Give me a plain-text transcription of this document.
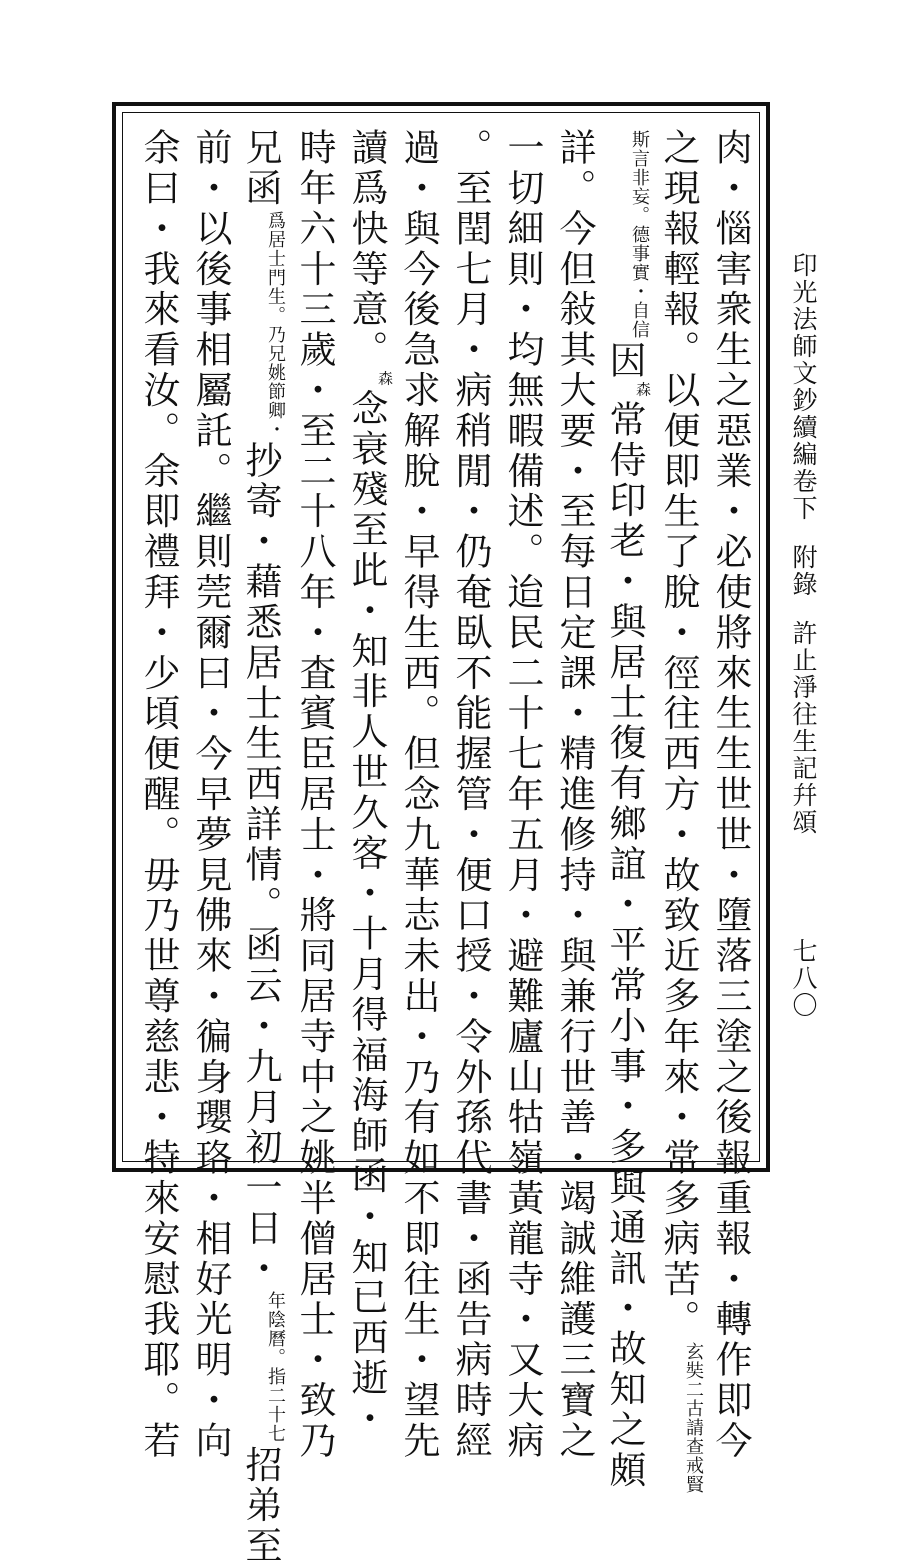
印光法師文鈔續編卷下
附錄
許止淨往生記幷頌
七八〇
肉・惱害衆生之惡業・必使將來生生世世・墮落三塗之後報重報・轉作即今
之現報輕報。以便即生了脫・徑往西方・故致近多年來・常多病苦。
請查戒賢
玄奘二古
德事實・自信
斯言非妄。
因$^森$常侍印老・與居士復有鄉誼・平常小事・多與通訊・故知之頗
詳。今但敍其大要・至每日定課・精進修持・與兼行世善・竭誠維護三寶之
一切細則・均無暇備述。迨民二十七年五月・避難廬山牯嶺黃龍寺・又大病
。至閏七月・病稍閒・仍奄臥不能握管・便口授・令外孫代書・函告病時經
過・與今後急求解脫・早得生西。但念九華志未出・乃有如不即往生・望先
讀爲快等意。$^森$念衰殘至此・知非人世久客・十月得福海師函・知已西逝・
時年六十三歲・至二十八年・査賓臣居士・將同居寺中之姚半僧居士・致乃
兄函
乃兄姚節卿・
爲居士門生。
抄寄・藉悉居士生西詳情。函云・九月初一日・
指二十七
年陰曆。
招弟至
前・以後事相屬託。繼則莞爾曰・今早夢見佛來・徧身瓔珞・相好光明・向
余曰・我來看汝。余即禮拜・少頃便醒。毋乃世尊慈悲・特來安慰我耶。若
